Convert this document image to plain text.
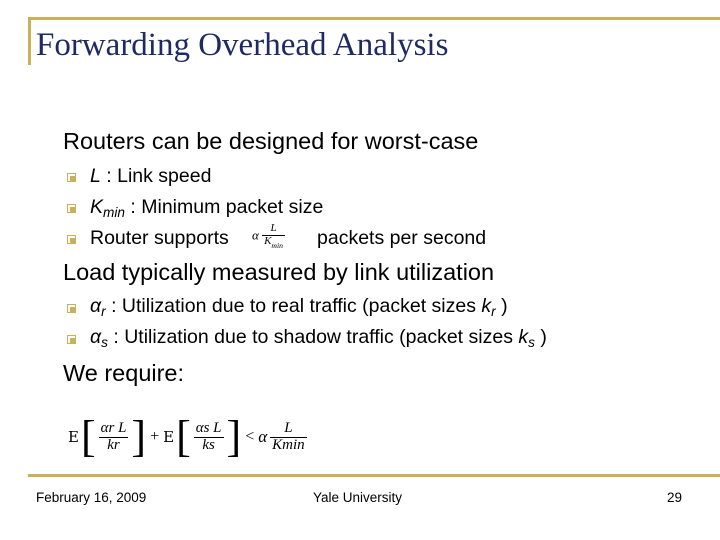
Forwarding Overhead Analysis
Routers can be designed for worst-case
L : Link speed
$K_{min}$ : Minimum packet size
Router supports α $\frac{L}{K_{min}}$ packets per second
Load typically measured by link utilization
$\alpha_r$ : Utilization due to real traffic (packet sizes $k_r$ )
$\alpha_s$ : Utilization due to shadow traffic (packet sizes $k_s$ )
We require:
E [ $\frac{\text{αr L}}{kr}$ ] + E [ $\frac{\text{αs L}}{ks}$ ] < α $\frac{L}{Kmin}$
February 16, 2009	Yale University	29
